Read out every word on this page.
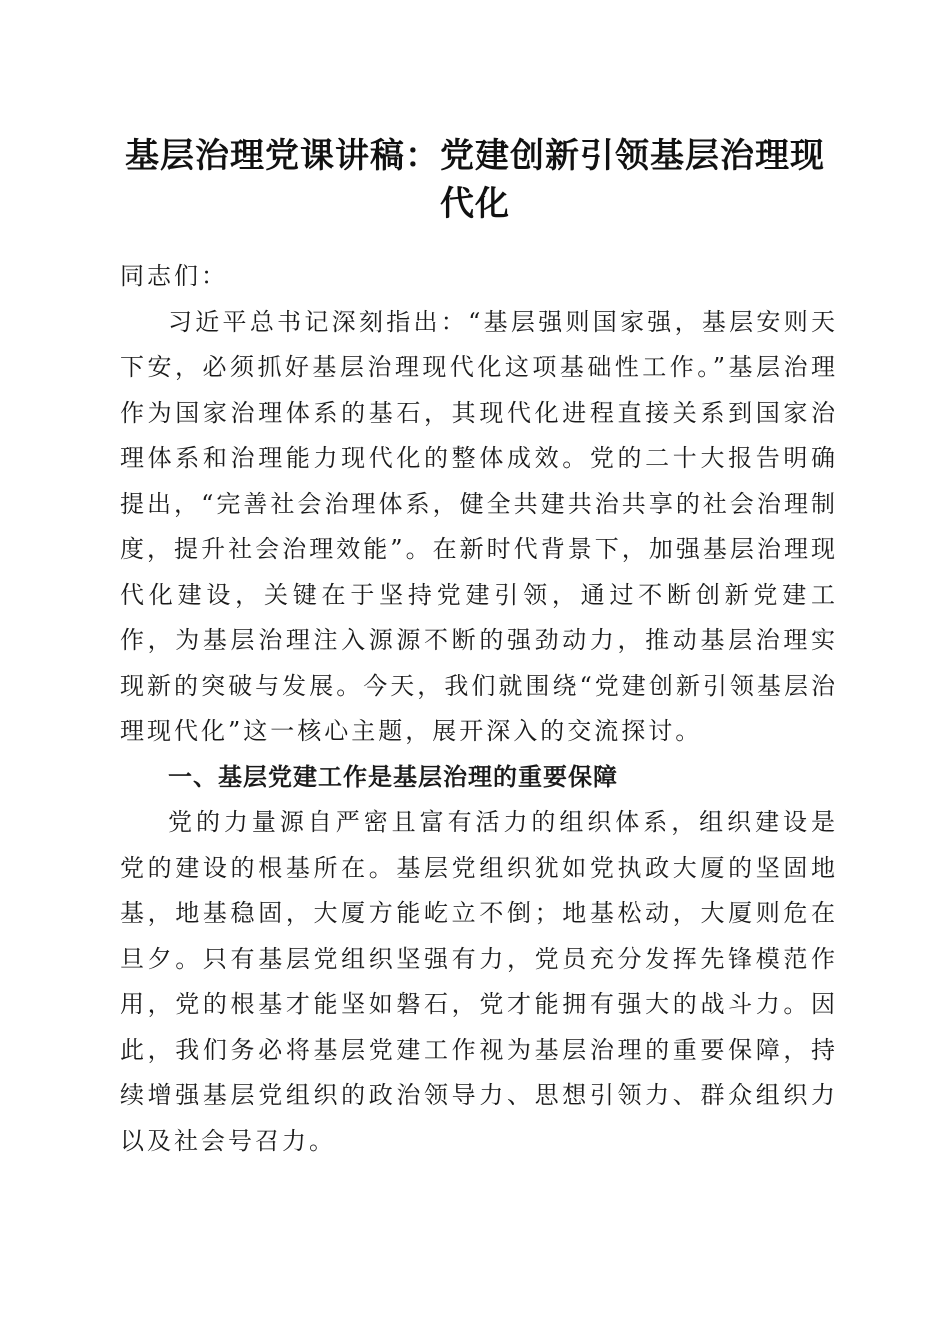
基层治理党课讲稿：党建创新引领基层治理现代化

同志们：

习近平总书记深刻指出：“基层强则国家强，基层安则天下安，必须抓好基层治理现代化这项基础性工作。”基层治理作为国家治理体系的基石，其现代化进程直接关系到国家治理体系和治理能力现代化的整体成效。党的二十大报告明确提出，“完善社会治理体系，健全共建共治共享的社会治理制度，提升社会治理效能”。在新时代背景下，加强基层治理现代化建设，关键在于坚持党建引领，通过不断创新党建工作，为基层治理注入源源不断的强劲动力，推动基层治理实现新的突破与发展。今天，我们就围绕“党建创新引领基层治理现代化”这一核心主题，展开深入的交流探讨。

一、基层党建工作是基层治理的重要保障

党的力量源自严密且富有活力的组织体系，组织建设是党的建设的根基所在。基层党组织犹如党执政大厦的坚固地基，地基稳固，大厦方能屹立不倒；地基松动，大厦则危在旦夕。只有基层党组织坚强有力，党员充分发挥先锋模范作用，党的根基才能坚如磐石，党才能拥有强大的战斗力。因此，我们务必将基层党建工作视为基层治理的重要保障，持续增强基层党组织的政治领导力、思想引领力、群众组织力以及社会号召力。
